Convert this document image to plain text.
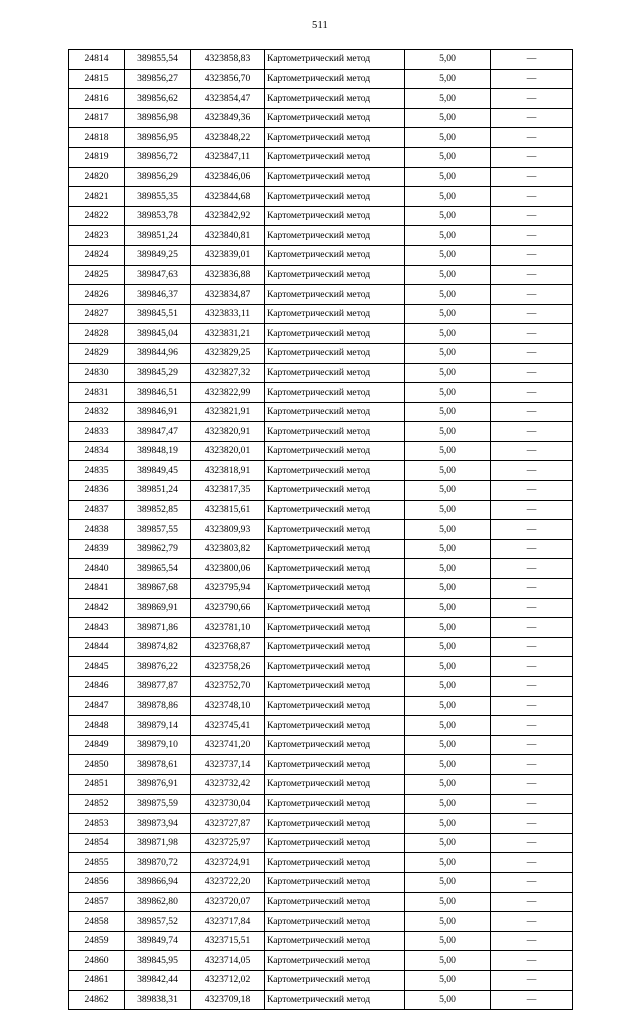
511
24814	389855,54	4323858,83	Картометрический метод	5,00	—
24815	389856,27	4323856,70	Картометрический метод	5,00	—
24816	389856,62	4323854,47	Картометрический метод	5,00	—
24817	389856,98	4323849,36	Картометрический метод	5,00	—
24818	389856,95	4323848,22	Картометрический метод	5,00	—
24819	389856,72	4323847,11	Картометрический метод	5,00	—
24820	389856,29	4323846,06	Картометрический метод	5,00	—
24821	389855,35	4323844,68	Картометрический метод	5,00	—
24822	389853,78	4323842,92	Картометрический метод	5,00	—
24823	389851,24	4323840,81	Картометрический метод	5,00	—
24824	389849,25	4323839,01	Картометрический метод	5,00	—
24825	389847,63	4323836,88	Картометрический метод	5,00	—
24826	389846,37	4323834,87	Картометрический метод	5,00	—
24827	389845,51	4323833,11	Картометрический метод	5,00	—
24828	389845,04	4323831,21	Картометрический метод	5,00	—
24829	389844,96	4323829,25	Картометрический метод	5,00	—
24830	389845,29	4323827,32	Картометрический метод	5,00	—
24831	389846,51	4323822,99	Картометрический метод	5,00	—
24832	389846,91	4323821,91	Картометрический метод	5,00	—
24833	389847,47	4323820,91	Картометрический метод	5,00	—
24834	389848,19	4323820,01	Картометрический метод	5,00	—
24835	389849,45	4323818,91	Картометрический метод	5,00	—
24836	389851,24	4323817,35	Картометрический метод	5,00	—
24837	389852,85	4323815,61	Картометрический метод	5,00	—
24838	389857,55	4323809,93	Картометрический метод	5,00	—
24839	389862,79	4323803,82	Картометрический метод	5,00	—
24840	389865,54	4323800,06	Картометрический метод	5,00	—
24841	389867,68	4323795,94	Картометрический метод	5,00	—
24842	389869,91	4323790,66	Картометрический метод	5,00	—
24843	389871,86	4323781,10	Картометрический метод	5,00	—
24844	389874,82	4323768,87	Картометрический метод	5,00	—
24845	389876,22	4323758,26	Картометрический метод	5,00	—
24846	389877,87	4323752,70	Картометрический метод	5,00	—
24847	389878,86	4323748,10	Картометрический метод	5,00	—
24848	389879,14	4323745,41	Картометрический метод	5,00	—
24849	389879,10	4323741,20	Картометрический метод	5,00	—
24850	389878,61	4323737,14	Картометрический метод	5,00	—
24851	389876,91	4323732,42	Картометрический метод	5,00	—
24852	389875,59	4323730,04	Картометрический метод	5,00	—
24853	389873,94	4323727,87	Картометрический метод	5,00	—
24854	389871,98	4323725,97	Картометрический метод	5,00	—
24855	389870,72	4323724,91	Картометрический метод	5,00	—
24856	389866,94	4323722,20	Картометрический метод	5,00	—
24857	389862,80	4323720,07	Картометрический метод	5,00	—
24858	389857,52	4323717,84	Картометрический метод	5,00	—
24859	389849,74	4323715,51	Картометрический метод	5,00	—
24860	389845,95	4323714,05	Картометрический метод	5,00	—
24861	389842,44	4323712,02	Картометрический метод	5,00	—
24862	389838,31	4323709,18	Картометрический метод	5,00	—
